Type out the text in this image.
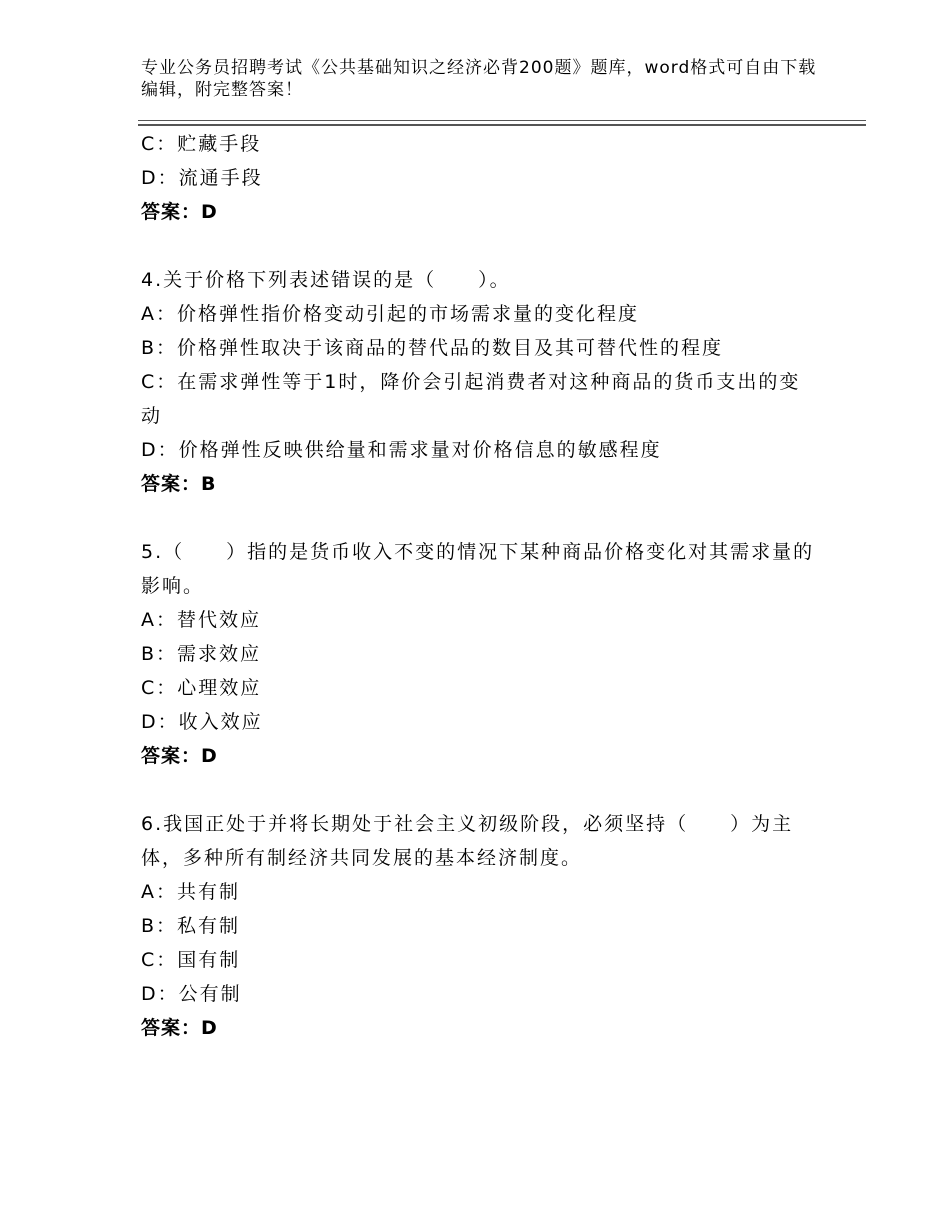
专业公务员招聘考试《公共基础知识之经济必背200题》题库，word格式可自由下载编辑，附完整答案！
C：贮藏手段
D：流通手段
答案：D
4.关于价格下列表述错误的是（　　）。
A：价格弹性指价格变动引起的市场需求量的变化程度
B：价格弹性取决于该商品的替代品的数目及其可替代性的程度
C：在需求弹性等于1时，降价会引起消费者对这种商品的货币支出的变动
D：价格弹性反映供给量和需求量对价格信息的敏感程度
答案：B
5.（　　）指的是货币收入不变的情况下某种商品价格变化对其需求量的影响。
A：替代效应
B：需求效应
C：心理效应
D：收入效应
答案：D
6.我国正处于并将长期处于社会主义初级阶段，必须坚持（　　）为主体，多种所有制经济共同发展的基本经济制度。
A：共有制
B：私有制
C：国有制
D：公有制
答案：D
